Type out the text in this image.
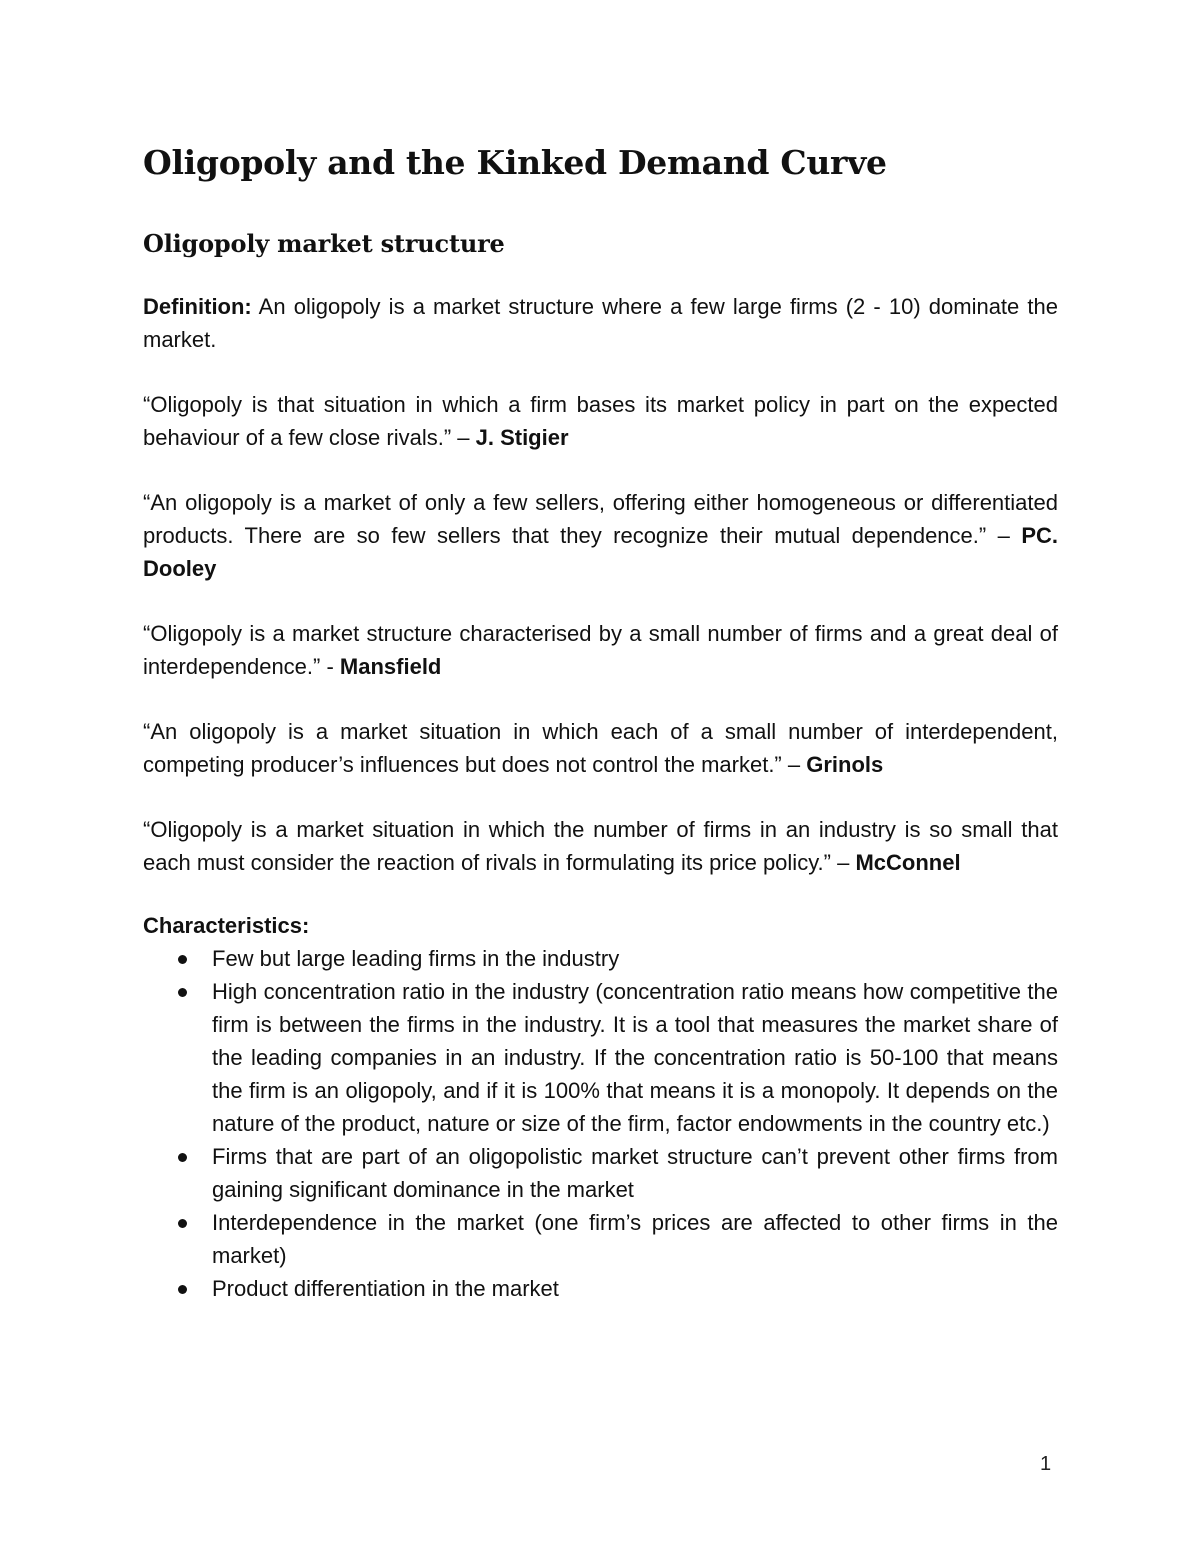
Oligopoly and the Kinked Demand Curve
Oligopoly market structure

Definition: An oligopoly is a market structure where a few large firms (2 - 10) dominate the market.

“Oligopoly is that situation in which a firm bases its market policy in part on the expected behaviour of a few close rivals.” – J. Stigier

“An oligopoly is a market of only a few sellers, offering either homogeneous or differentiated products. There are so few sellers that they recognize their mutual dependence.” – PC. Dooley

“Oligopoly is a market structure characterised by a small number of firms and a great deal of interdependence.” - Mansfield

“An oligopoly is a market situation in which each of a small number of interdependent, competing producer’s influences but does not control the market.” – Grinols

“Oligopoly is a market situation in which the number of firms in an industry is so small that each must consider the reaction of rivals in formulating its price policy.” – McConnel

Characteristics:
Few but large leading firms in the industry
High concentration ratio in the industry (concentration ratio means how competitive the firm is between the firms in the industry. It is a tool that measures the market share of the leading companies in an industry. If the concentration ratio is 50-100 that means the firm is an oligopoly, and if it is 100% that means it is a monopoly. It depends on the nature of the product, nature or size of the firm, factor endowments in the country etc.)
Firms that are part of an oligopolistic market structure can’t prevent other firms from gaining significant dominance in the market
Interdependence in the market (one firm’s prices are affected to other firms in the market)
Product differentiation in the market
1
